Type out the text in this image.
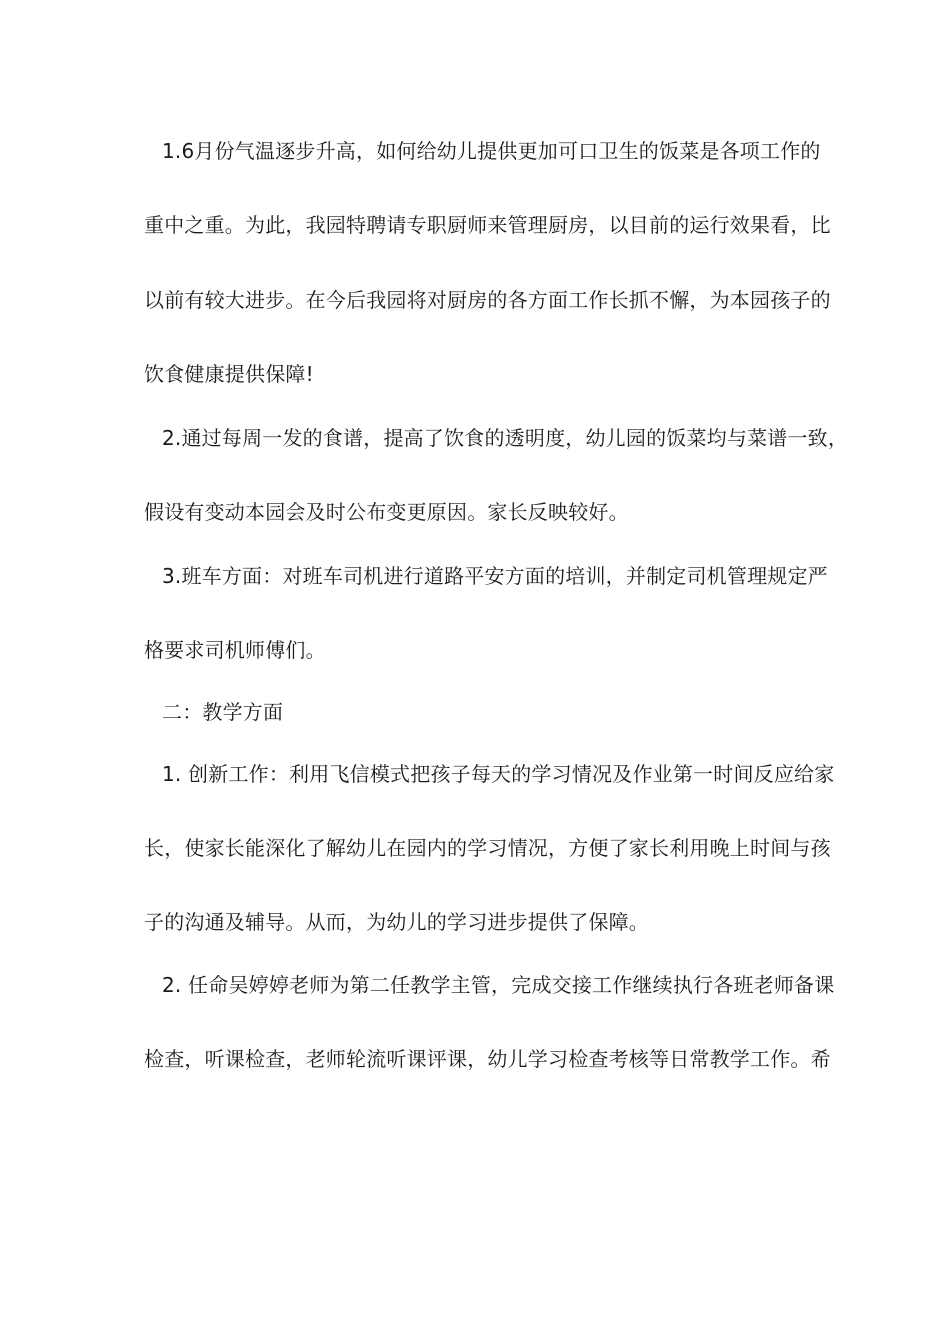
1.6月份气温逐步升高，如何给幼儿提供更加可口卫生的饭菜是各项工作的
重中之重。为此，我园特聘请专职厨师来管理厨房，以目前的运行效果看，比
以前有较大进步。在今后我园将对厨房的各方面工作长抓不懈，为本园孩子的
饮食健康提供保障!
2.通过每周一发的食谱，提高了饮食的透明度，幼儿园的饭菜均与菜谱一致，
假设有变动本园会及时公布变更原因。家长反映较好。
3.班车方面：对班车司机进行道路平安方面的培训，并制定司机管理规定严
格要求司机师傅们。
二：教学方面
1. 创新工作：利用飞信模式把孩子每天的学习情况及作业第一时间反应给家
长，使家长能深化了解幼儿在园内的学习情况，方便了家长利用晚上时间与孩
子的沟通及辅导。从而，为幼儿的学习进步提供了保障。
2. 任命吴婷婷老师为第二任教学主管，完成交接工作继续执行各班老师备课
检查，听课检查，老师轮流听课评课，幼儿学习检查考核等日常教学工作。希
